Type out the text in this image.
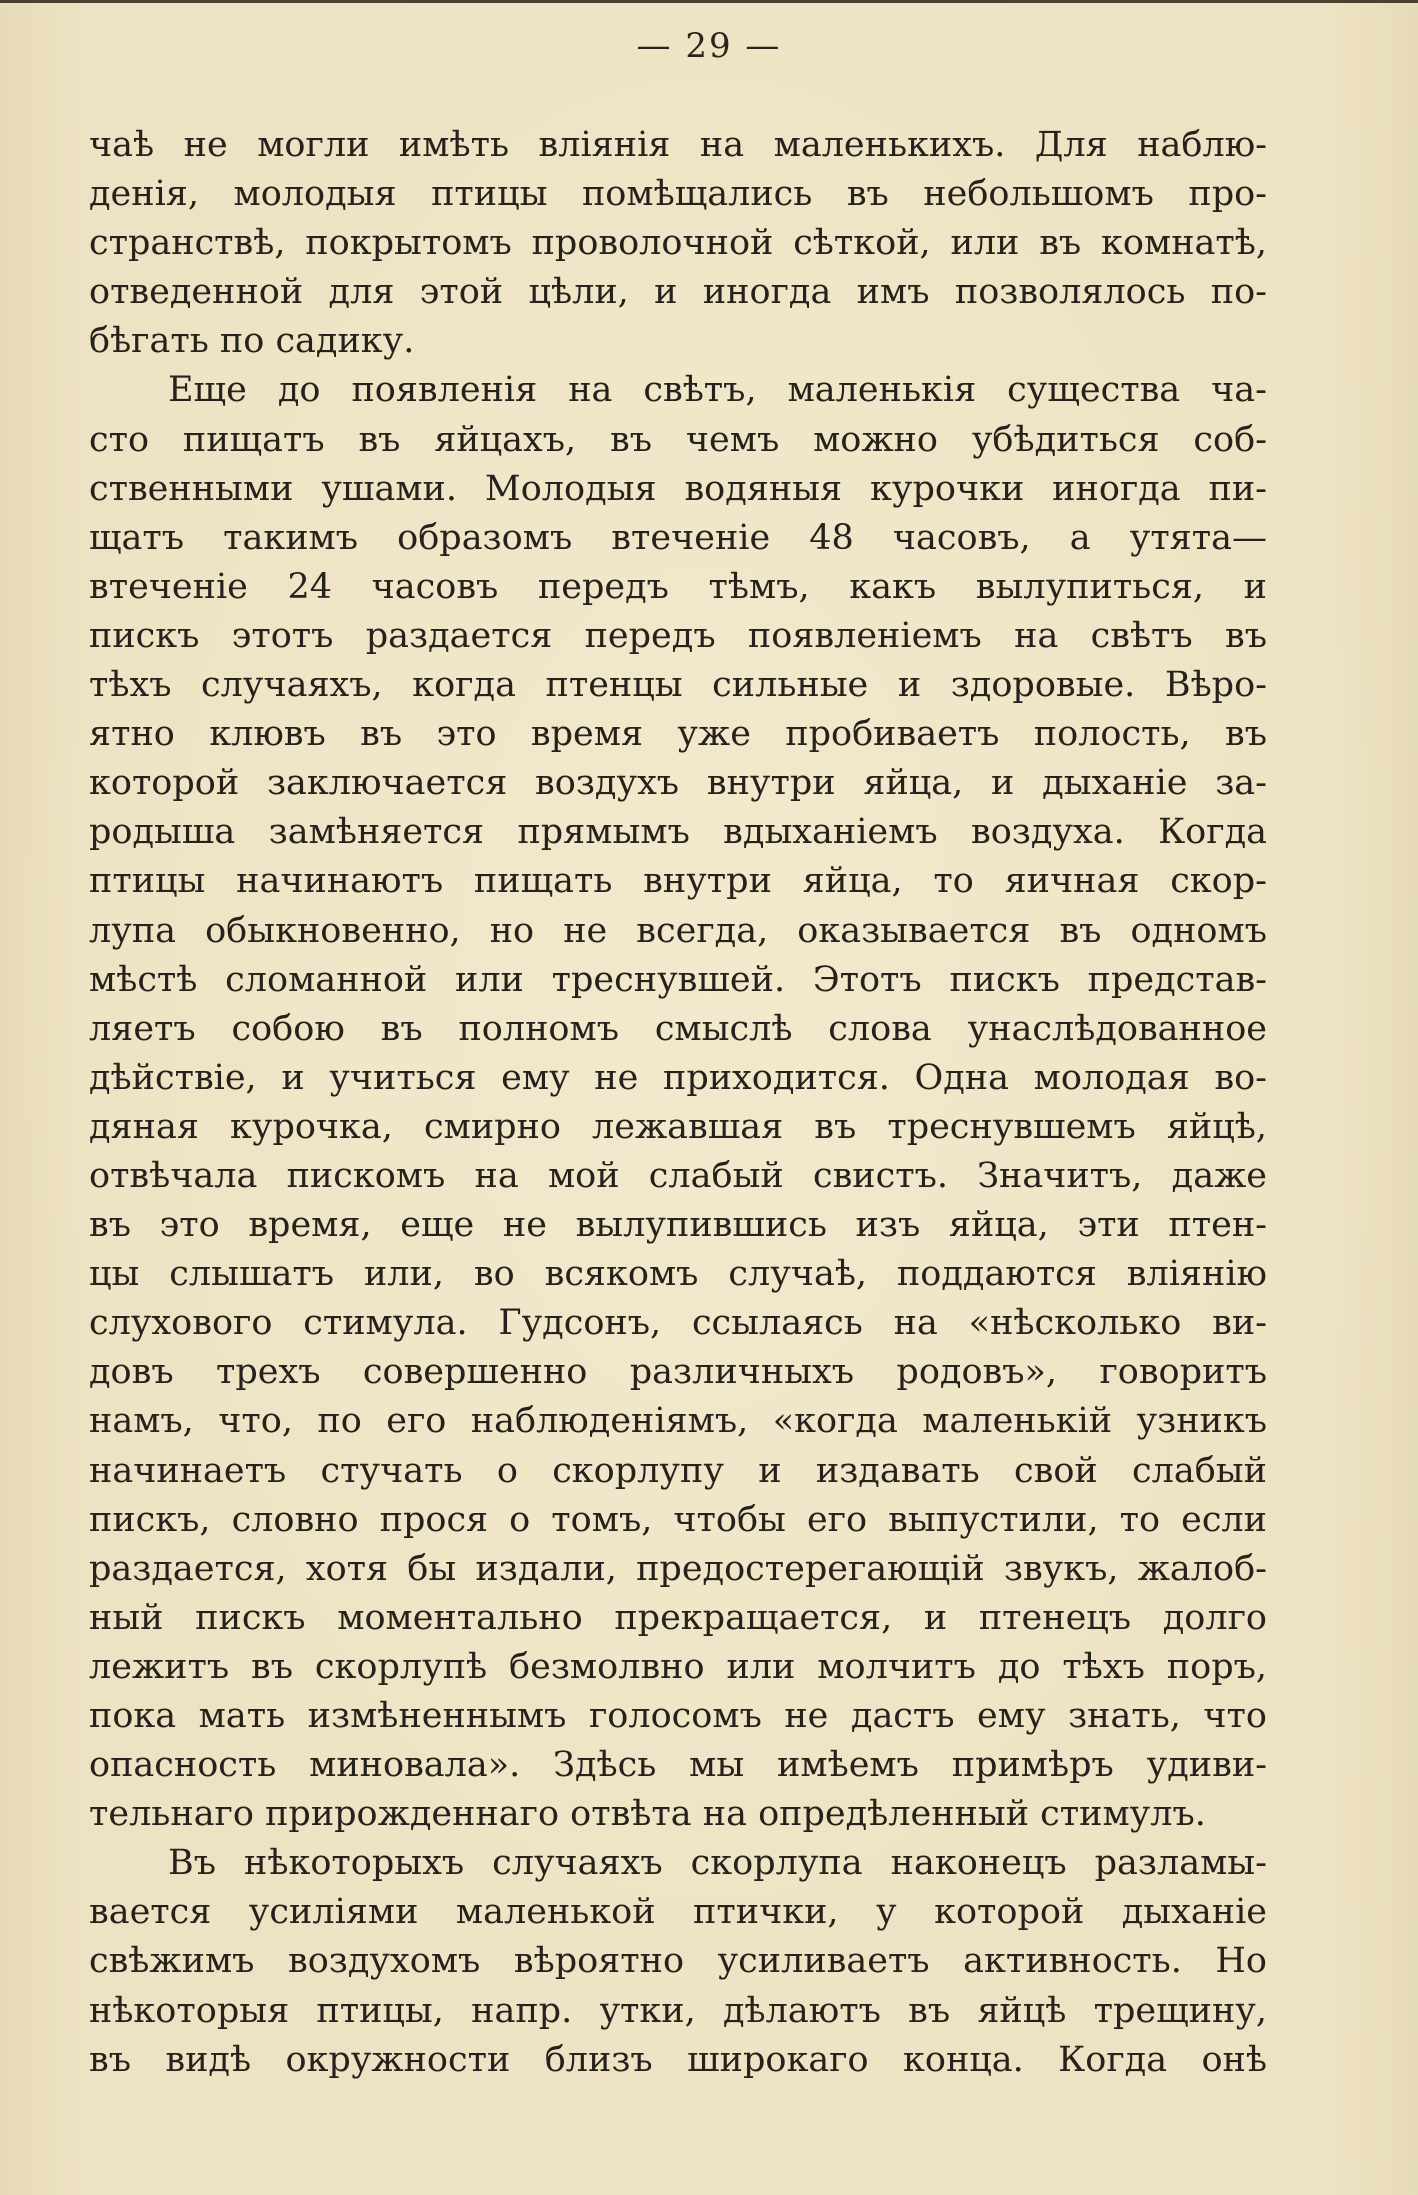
— 29 —
чаѣ не могли имѣть вліянія на маленькихъ. Для наблю-
денія, молодыя птицы помѣщались въ небольшомъ про-
странствѣ, покрытомъ проволочной сѣткой, или въ комнатѣ,
отведенной для этой цѣли, и иногда имъ позволялось по-
бѣгать по садику.
Еще до появленія на свѣтъ, маленькія существа ча-
сто пищатъ въ яйцахъ, въ чемъ можно убѣдиться соб-
ственными ушами. Молодыя водяныя курочки иногда пи-
щатъ такимъ образомъ втеченіе 48 часовъ, а утята—
втеченіе 24 часовъ передъ тѣмъ, какъ вылупиться, и
пискъ этотъ раздается передъ появленіемъ на свѣтъ въ
тѣхъ случаяхъ, когда птенцы сильные и здоровые. Вѣро-
ятно клювъ въ это время уже пробиваетъ полость, въ
которой заключается воздухъ внутри яйца, и дыханіе за-
родыша замѣняется прямымъ вдыханіемъ воздуха. Когда
птицы начинаютъ пищать внутри яйца, то яичная скор-
лупа обыкновенно, но не всегда, оказывается въ одномъ
мѣстѣ сломанной или треснувшей. Этотъ пискъ представ-
ляетъ собою въ полномъ смыслѣ слова унаслѣдованное
дѣйствіе, и учиться ему не приходится. Одна молодая во-
дяная курочка, смирно лежавшая въ треснувшемъ яйцѣ,
отвѣчала пискомъ на мой слабый свистъ. Значитъ, даже
въ это время, еще не вылупившись изъ яйца, эти птен-
цы слышатъ или, во всякомъ случаѣ, поддаются вліянію
слухового стимула. Гудсонъ, ссылаясь на «нѣсколько ви-
довъ трехъ совершенно различныхъ родовъ», говоритъ
намъ, что, по его наблюденіямъ, «когда маленькій узникъ
начинаетъ стучать о скорлупу и издавать свой слабый
пискъ, словно прося о томъ, чтобы его выпустили, то если
раздается, хотя бы издали, предостерегающій звукъ, жалоб-
ный пискъ моментально прекращается, и птенецъ долго
лежитъ въ скорлупѣ безмолвно или молчитъ до тѣхъ поръ,
пока мать измѣненнымъ голосомъ не дастъ ему знать, что
опасность миновала». Здѣсь мы имѣемъ примѣръ удиви-
тельнаго прирожденнаго отвѣта на опредѣленный стимулъ.
Въ нѣкоторыхъ случаяхъ скорлупа наконецъ разламы-
вается усиліями маленькой птички, у которой дыханіе
свѣжимъ воздухомъ вѣроятно усиливаетъ активность. Но
нѣкоторыя птицы, напр. утки, дѣлаютъ въ яйцѣ трещину,
въ видѣ окружности близъ широкаго конца. Когда онѣ
